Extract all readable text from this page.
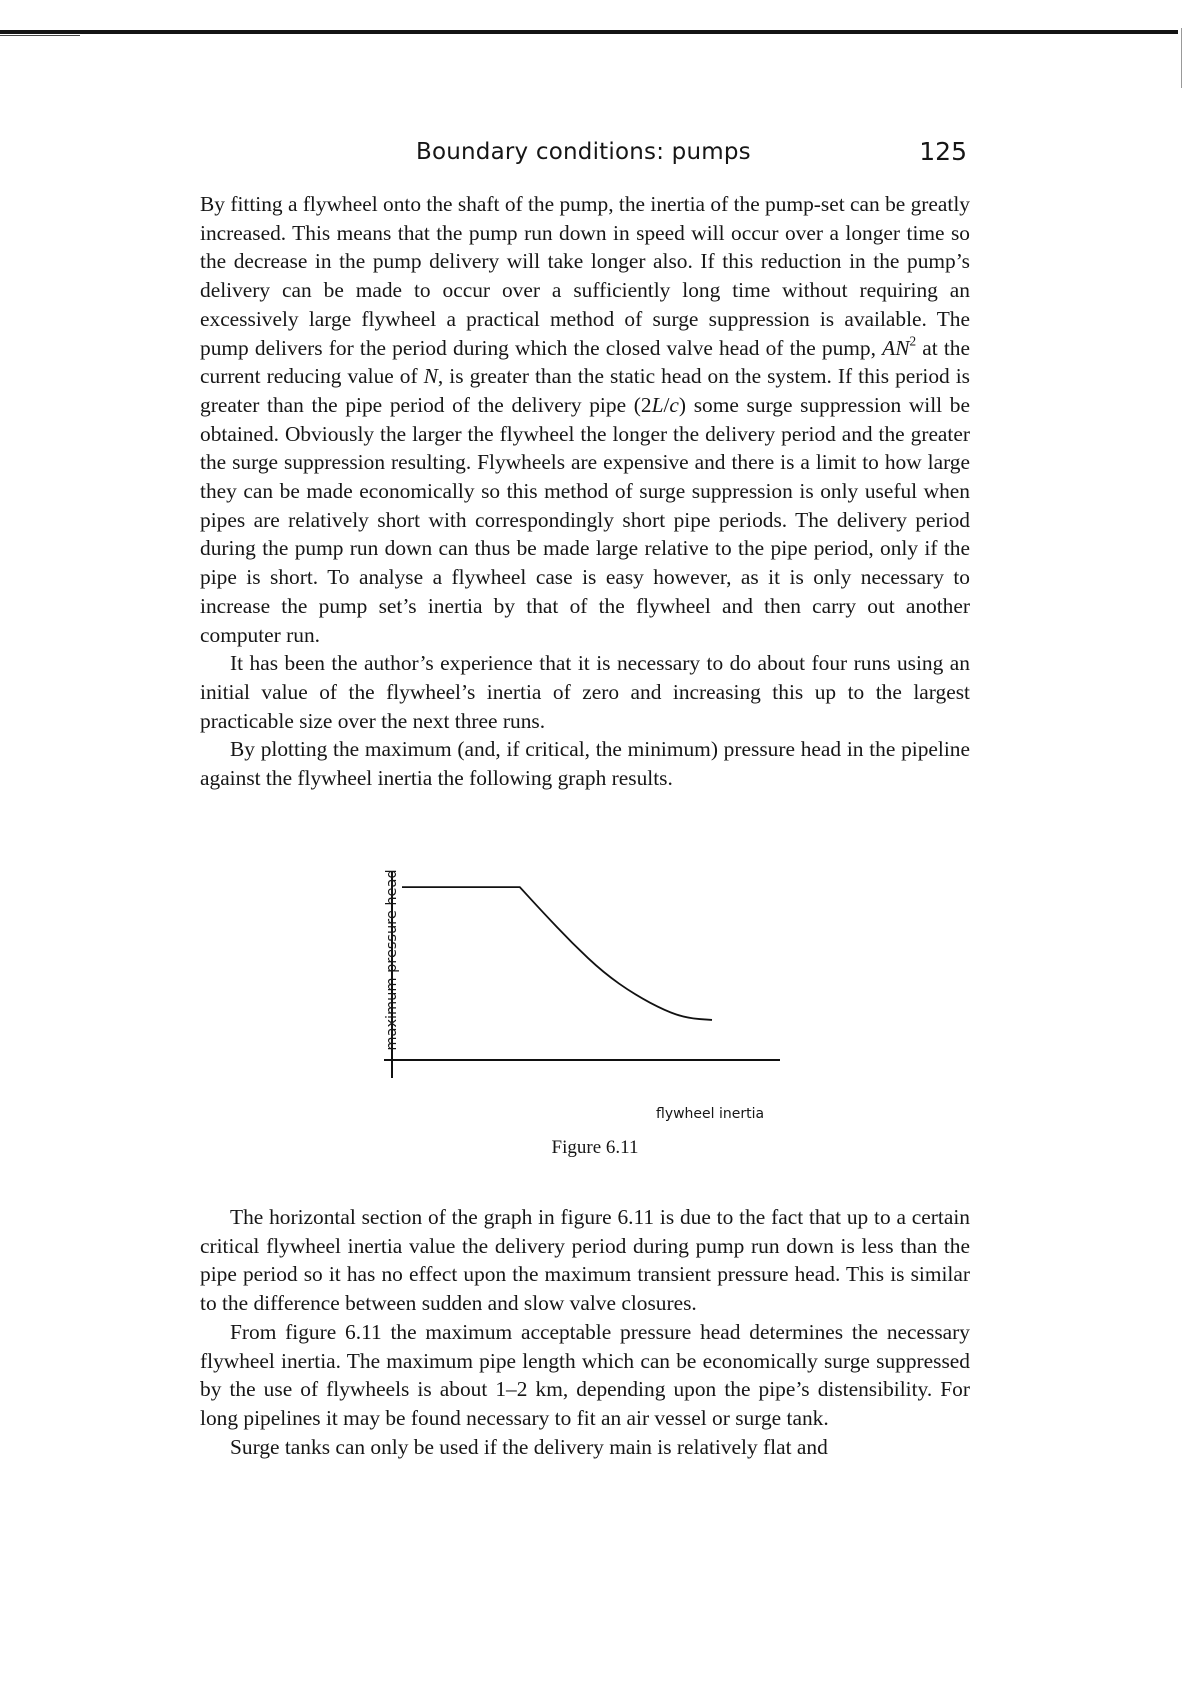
Boundary conditions: pumps	125

By fitting a flywheel onto the shaft of the pump, the inertia of the pump-set can be greatly increased. This means that the pump run down in speed will occur over a longer time so the decrease in the pump delivery will take longer also. If this reduction in the pump’s delivery can be made to occur over a sufficiently long time without requiring an excessively large flywheel a practical method of surge suppression is available. The pump delivers for the period during which the closed valve head of the pump, $AN^2$ at the current reducing value of N, is greater than the static head on the system. If this period is greater than the pipe period of the delivery pipe (2L/c) some surge suppression will be obtained. Obviously the larger the flywheel the longer the delivery period and the greater the surge suppression resulting. Flywheels are expensive and there is a limit to how large they can be made economically so this method of surge suppression is only useful when pipes are relatively short with correspondingly short pipe periods. The delivery period during the pump run down can thus be made large relative to the pipe period, only if the pipe is short. To analyse a flywheel case is easy however, as it is only necessary to increase the pump set’s inertia by that of the flywheel and then carry out another computer run.

It has been the author’s experience that it is necessary to do about four runs using an initial value of the flywheel’s inertia of zero and increasing this up to the largest practicable size over the next three runs.

By plotting the maximum (and, if critical, the minimum) pressure head in the pipeline against the flywheel inertia the following graph results.

maximum pressure head
flywheel inertia
Figure 6.11

The horizontal section of the graph in figure 6.11 is due to the fact that up to a certain critical flywheel inertia value the delivery period during pump run down is less than the pipe period so it has no effect upon the maximum transient pressure head. This is similar to the difference between sudden and slow valve closures.

From figure 6.11 the maximum acceptable pressure head determines the necessary flywheel inertia. The maximum pipe length which can be economically surge suppressed by the use of flywheels is about 1–2 km, depending upon the pipe’s distensibility. For long pipelines it may be found necessary to fit an air vessel or surge tank.

Surge tanks can only be used if the delivery main is relatively flat and
